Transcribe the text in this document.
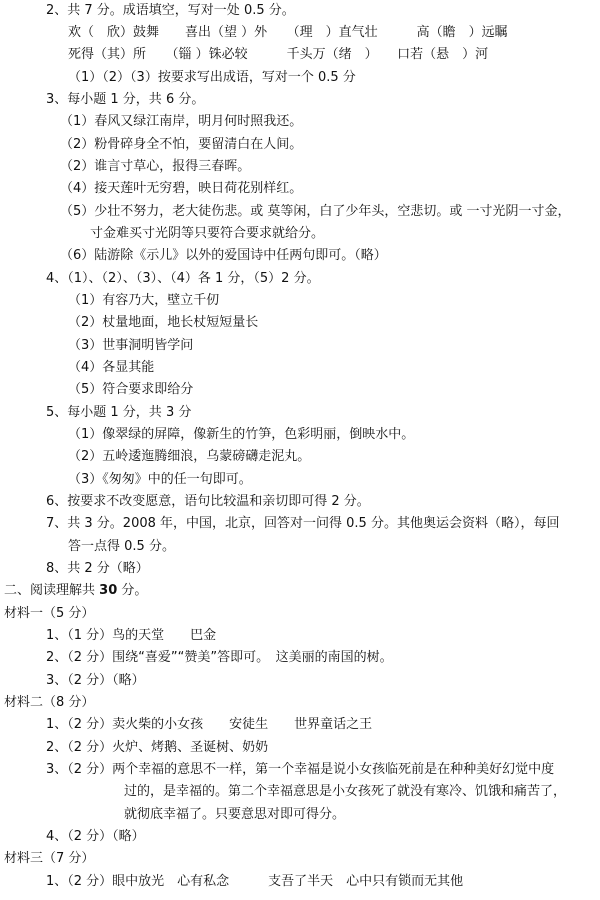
2、共 7 分。成语填空，写对一处 0.5 分。
欢（　欣）鼓舞　　喜出（望 ）外　　（理　）直气壮　　　高（瞻　）远瞩
死得（其）所　　（锱 ）铢必较　　　千头万（绪　）　　口若（悬　）河
（1）（2）（3）按要求写出成语，写对一个 0.5 分
3、每小题 1 分，共 6 分。
（1）春风又绿江南岸，明月何时照我还。
（2）粉骨碎身全不怕，要留清白在人间。
（2）谁言寸草心，报得三春晖。
（4）接天莲叶无穷碧，映日荷花别样红。
（5）少壮不努力，老大徒伤悲。或 莫等闲，白了少年头，空悲切。或 一寸光阴一寸金，
寸金难买寸光阴等只要符合要求就给分。
（6）陆游除《示儿》以外的爱国诗中任两句即可。（略）
4、（1）、（2）、（3）、（4）各 1 分，（5）2 分。
（1）有容乃大，壁立千仞
（2）杖量地面，地长杖短短量长
（3）世事洞明皆学问
（4）各显其能
（5）符合要求即给分
5、每小题 1 分，共 3 分
（1）像翠绿的屏障，像新生的竹笋，色彩明丽，倒映水中。
（2）五岭逶迤腾细浪，乌蒙磅礴走泥丸。
（3）《匆匆》中的任一句即可。
6、按要求不改变愿意，语句比较温和亲切即可得 2 分。
7、共 3 分。2008 年，中国，北京，回答对一问得 0.5 分。其他奥运会资料（略），每回
答一点得 0.5 分。
8、共 2 分（略）
二、阅读理解共 30 分。
材料一（5 分）
1、（1 分）鸟的天堂　　巴金
2、（2 分）围绕“喜爱”“赞美”答即可。　这美丽的南国的树。
3、（2 分）（略）
材料二（8 分）
1、（2 分）卖火柴的小女孩　　安徒生　　世界童话之王
2、（2 分）火炉、烤鹅、圣诞树、奶奶
3、（2 分）两个幸福的意思不一样，第一个幸福是说小女孩临死前是在种种美好幻觉中度
过的，是幸福的。第二个幸福意思是小女孩死了就没有寒冷、饥饿和痛苦了，
就彻底幸福了。只要意思对即可得分。
4、（2 分）（略）
材料三（7 分）
1、（2 分）眼中放光　心有私念　　　支吾了半天　心中只有锁而无其他
